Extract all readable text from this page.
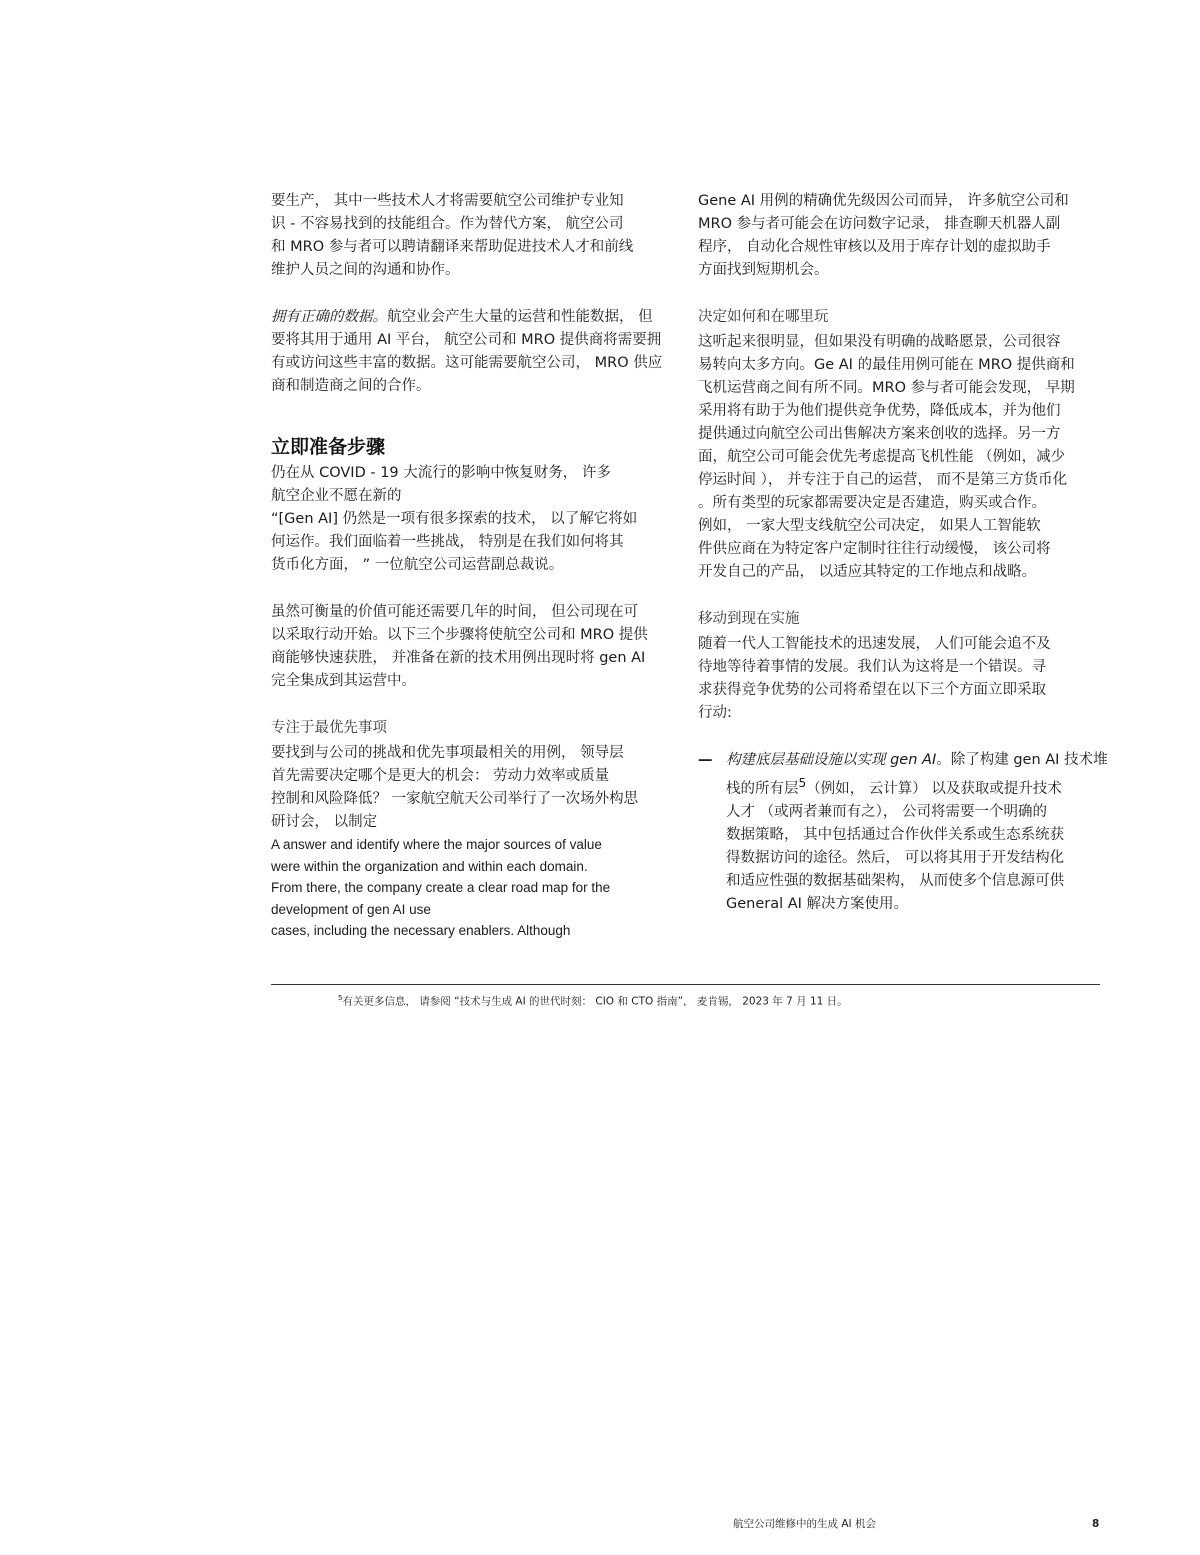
要生产， 其中一些技术人才将需要航空公司维护专业知
识 - 不容易找到的技能组合。作为替代方案， 航空公司
和 MRO 参与者可以聘请翻译来帮助促进技术人才和前线
维护人员之间的沟通和协作。

拥有正确的数据。航空业会产生大量的运营和性能数据， 但
要将其用于通用 AI 平台， 航空公司和 MRO 提供商将需要拥
有或访问这些丰富的数据。这可能需要航空公司， MRO 供应
商和制造商之间的合作。

立即准备步骤

仍在从 COVID - 19 大流行的影响中恢复财务， 许多
航空企业不愿在新的
“[Gen AI] 仍然是一项有很多探索的技术， 以了解它将如
何运作。我们面临着一些挑战， 特别是在我们如何将其
货币化方面， ” 一位航空公司运营副总裁说。

虽然可衡量的价值可能还需要几年的时间， 但公司现在可
以采取行动开始。以下三个步骤将使航空公司和 MRO 提供
商能够快速获胜， 并准备在新的技术用例出现时将 gen AI
完全集成到其运营中。

专注于最优先事项

要找到与公司的挑战和优先事项最相关的用例， 领导层
首先需要决定哪个是更大的机会： 劳动力效率或质量
控制和风险降低？ 一家航空航天公司举行了一次场外构思
研讨会， 以制定

A answer and identify where the major sources of value
were within the organization and within each domain.
From there, the company create a clear road map for the
development of gen AI use
cases, including the necessary enablers. Although

Gene AI 用例的精确优先级因公司而异， 许多航空公司和
MRO 参与者可能会在访问数字记录， 排查聊天机器人副
程序， 自动化合规性审核以及用于库存计划的虚拟助手
方面找到短期机会。

决定如何和在哪里玩

这听起来很明显，但如果没有明确的战略愿景，公司很容
易转向太多方向。Ge AI 的最佳用例可能在 MRO 提供商和
飞机运营商之间有所不同。MRO 参与者可能会发现， 早期
采用将有助于为他们提供竞争优势，降低成本，并为他们
提供通过向航空公司出售解决方案来创收的选择。另一方
面，航空公司可能会优先考虑提高飞机性能 （例如，减少
停运时间 ）， 并专注于自己的运营， 而不是第三方货币化
。所有类型的玩家都需要决定是否建造，购买或合作。
例如， 一家大型支线航空公司决定， 如果人工智能软
件供应商在为特定客户定制时往往行动缓慢， 该公司将
开发自己的产品， 以适应其特定的工作地点和战略。

移动到现在实施

随着一代人工智能技术的迅速发展， 人们可能会追不及
待地等待着事情的发展。我们认为这将是一个错误。寻
求获得竞争优势的公司将希望在以下三个方面立即采取
行动:

— 构建底层基础设施以实现 gen AI。除了构建 gen AI 技术堆
栈的所有层$^5$（例如， 云计算） 以及获取或提升技术
人才 （或两者兼而有之）， 公司将需要一个明确的
数据策略， 其中包括通过合作伙伴关系或生态系统获
得数据访问的途径。然后， 可以将其用于开发结构化
和适应性强的数据基础架构， 从而使多个信息源可供
General AI 解决方案使用。
$^5$有关更多信息， 请参阅 “技术与生成 AI 的世代时刻： CIO 和 CTO 指南”， 麦肯锡， 2023 年 7 月 11 日。
航空公司维修中的生成 AI 机会	8
